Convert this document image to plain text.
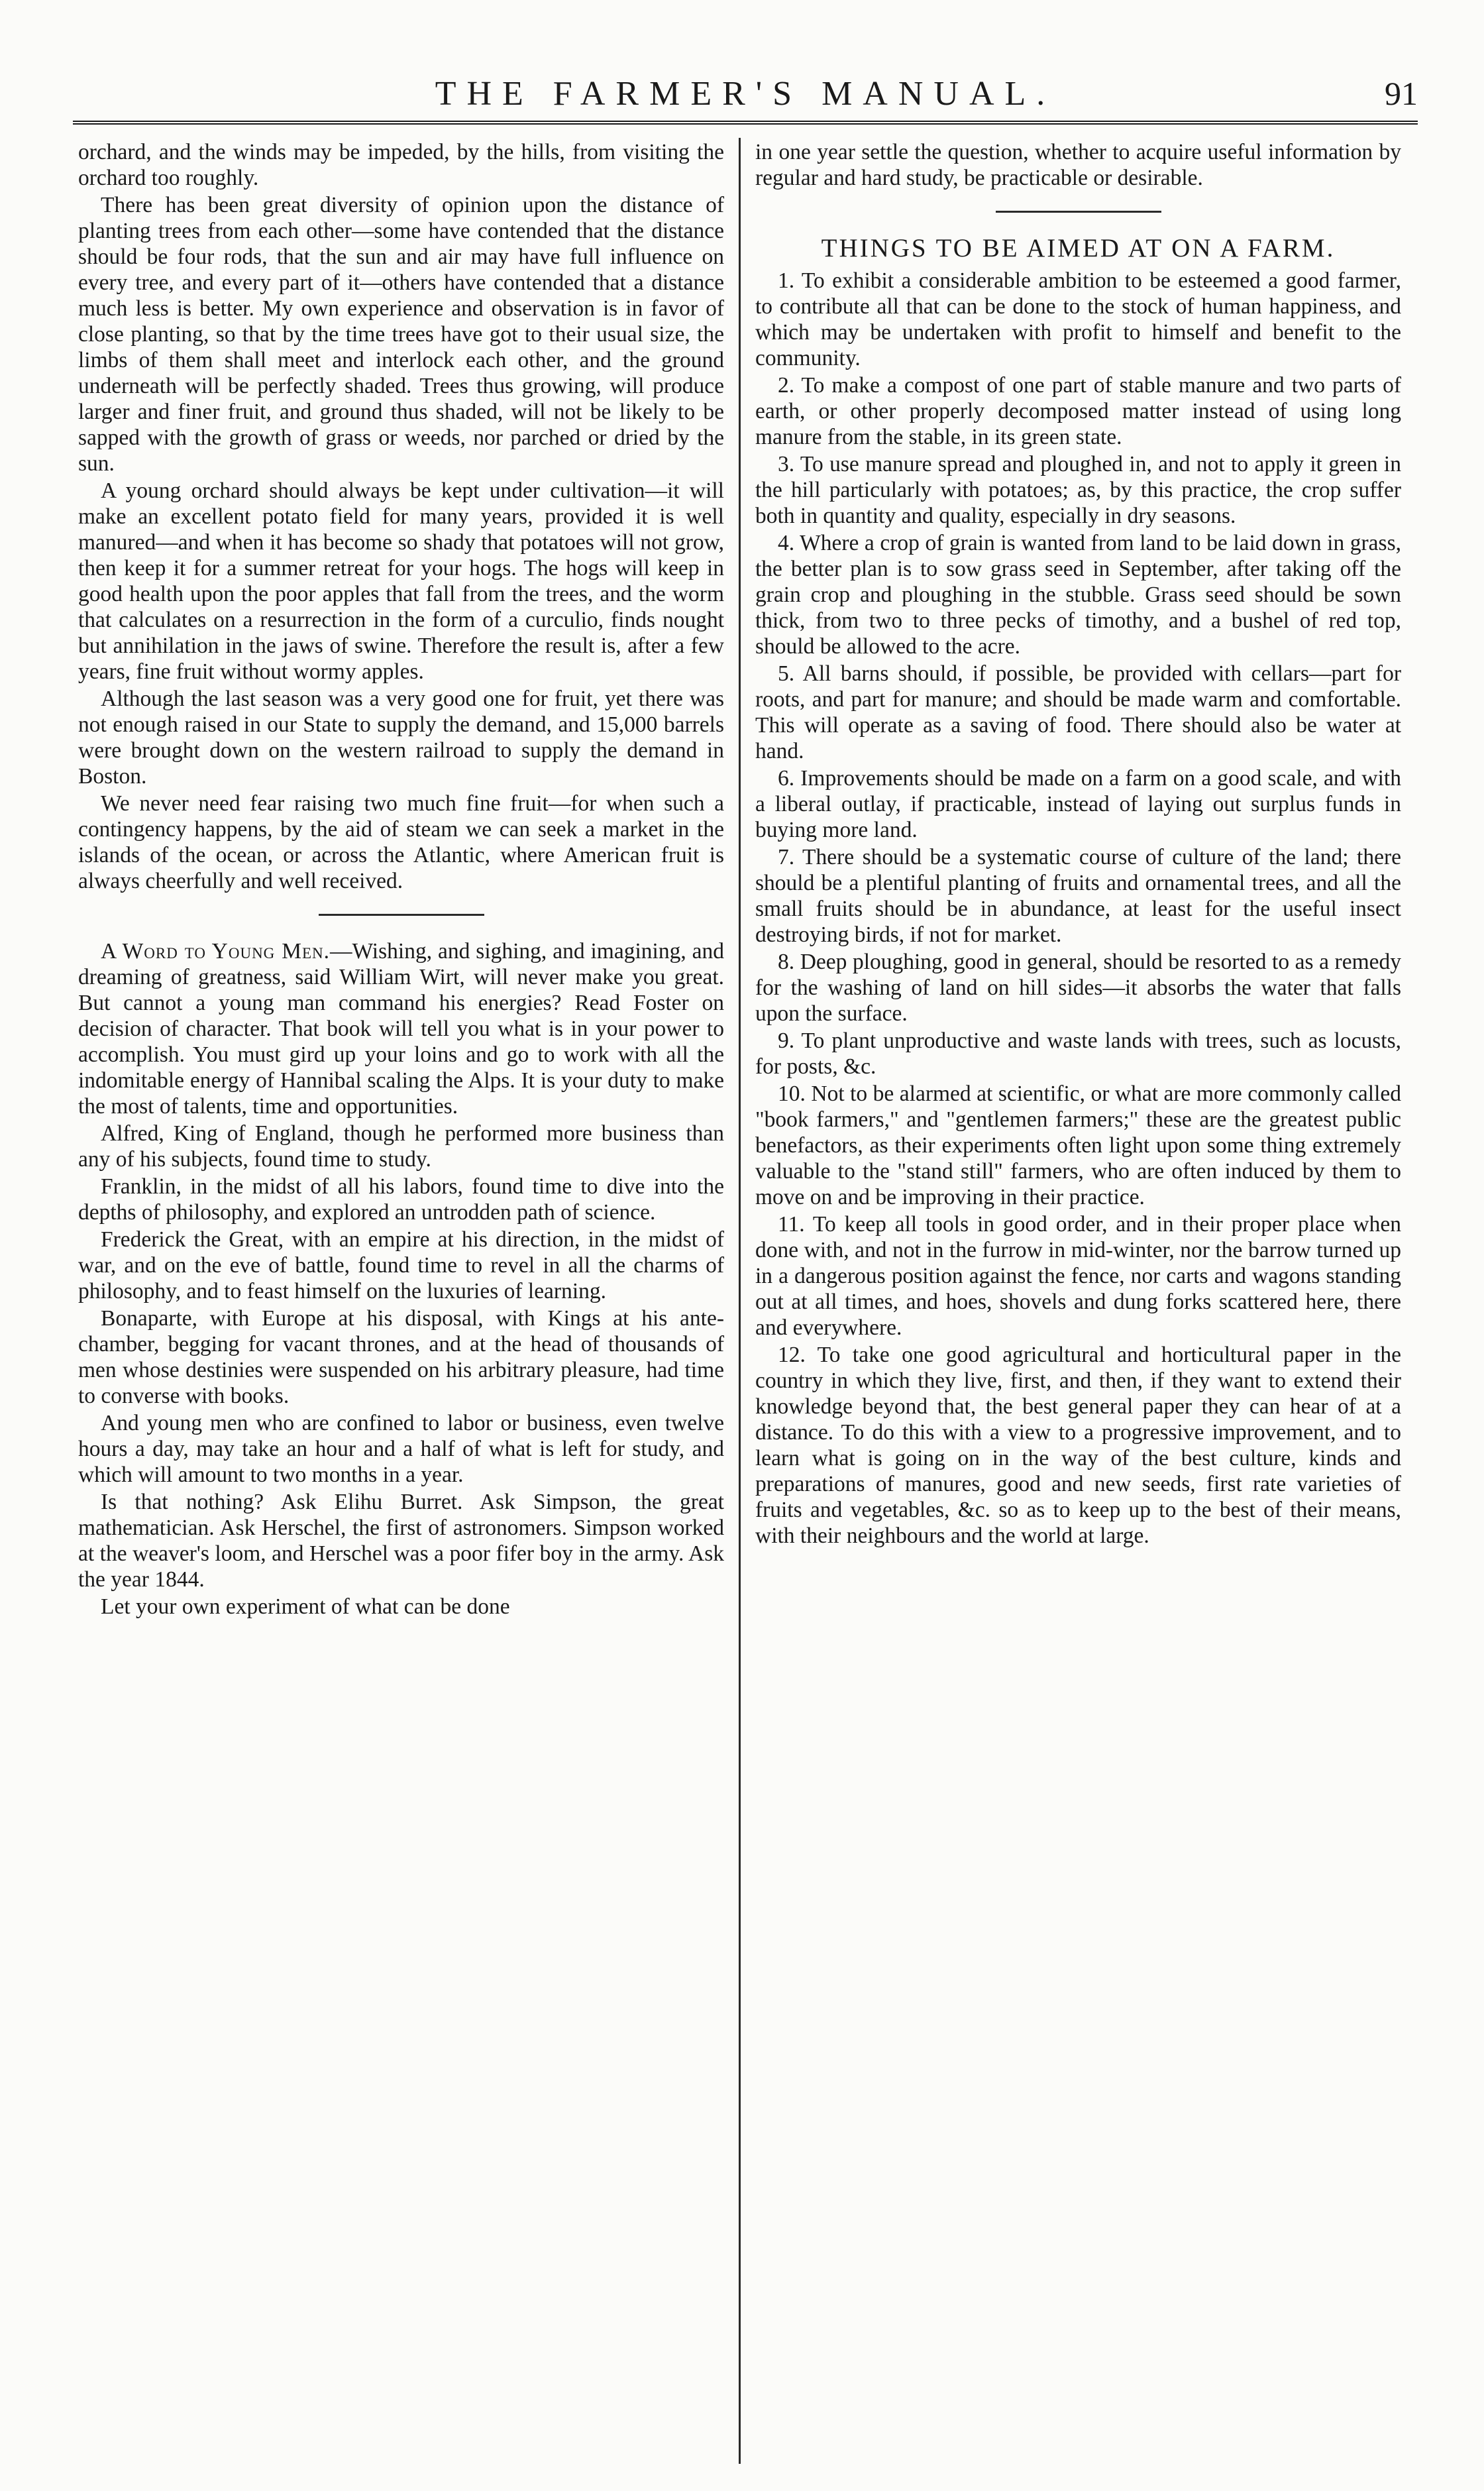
THE FARMER'S MANUAL.	91

orchard, and the winds may be impeded, by the hills, from visiting the orchard too roughly.

There has been great diversity of opinion upon the distance of planting trees from each other—some have contended that the distance should be four rods, that the sun and air may have full influence on every tree, and every part of it—others have contended that a distance much less is better. My own experience and observation is in favor of close planting, so that by the time trees have got to their usual size, the limbs of them shall meet and interlock each other, and the ground underneath will be perfectly shaded. Trees thus growing, will produce larger and finer fruit, and ground thus shaded, will not be likely to be sapped with the growth of grass or weeds, nor parched or dried by the sun.

A young orchard should always be kept under cultivation—it will make an excellent potato field for many years, provided it is well manured—and when it has become so shady that potatoes will not grow, then keep it for a summer retreat for your hogs. The hogs will keep in good health upon the poor apples that fall from the trees, and the worm that calculates on a resurrection in the form of a curculio, finds nought but annihilation in the jaws of swine. Therefore the result is, after a few years, fine fruit without wormy apples.

Although the last season was a very good one for fruit, yet there was not enough raised in our State to supply the demand, and 15,000 barrels were brought down on the western railroad to supply the demand in Boston.

We never need fear raising two much fine fruit—for when such a contingency happens, by the aid of steam we can seek a market in the islands of the ocean, or across the Atlantic, where American fruit is always cheerfully and well received.

A Word to Young Men.—Wishing, and sighing, and imagining, and dreaming of greatness, said William Wirt, will never make you great. But cannot a young man command his energies? Read Foster on decision of character. That book will tell you what is in your power to accomplish. You must gird up your loins and go to work with all the indomitable energy of Hannibal scaling the Alps. It is your duty to make the most of talents, time and opportunities.

Alfred, King of England, though he performed more business than any of his subjects, found time to study.

Franklin, in the midst of all his labors, found time to dive into the depths of philosophy, and explored an untrodden path of science.

Frederick the Great, with an empire at his direction, in the midst of war, and on the eve of battle, found time to revel in all the charms of philosophy, and to feast himself on the luxuries of learning.

Bonaparte, with Europe at his disposal, with Kings at his ante-chamber, begging for vacant thrones, and at the head of thousands of men whose destinies were suspended on his arbitrary pleasure, had time to converse with books.

And young men who are confined to labor or business, even twelve hours a day, may take an hour and a half of what is left for study, and which will amount to two months in a year.

Is that nothing? Ask Elihu Burret. Ask Simpson, the great mathematician. Ask Herschel, the first of astronomers. Simpson worked at the weaver's loom, and Herschel was a poor fifer boy in the army. Ask the year 1844.

Let your own experiment of what can be done

in one year settle the question, whether to acquire useful information by regular and hard study, be practicable or desirable.

THINGS TO BE AIMED AT ON A FARM.

1. To exhibit a considerable ambition to be esteemed a good farmer, to contribute all that can be done to the stock of human happiness, and which may be undertaken with profit to himself and benefit to the community.

2. To make a compost of one part of stable manure and two parts of earth, or other properly decomposed matter instead of using long manure from the stable, in its green state.

3. To use manure spread and ploughed in, and not to apply it green in the hill particularly with potatoes; as, by this practice, the crop suffer both in quantity and quality, especially in dry seasons.

4. Where a crop of grain is wanted from land to be laid down in grass, the better plan is to sow grass seed in September, after taking off the grain crop and ploughing in the stubble. Grass seed should be sown thick, from two to three pecks of timothy, and a bushel of red top, should be allowed to the acre.

5. All barns should, if possible, be provided with cellars—part for roots, and part for manure; and should be made warm and comfortable. This will operate as a saving of food. There should also be water at hand.

6. Improvements should be made on a farm on a good scale, and with a liberal outlay, if practicable, instead of laying out surplus funds in buying more land.

7. There should be a systematic course of culture of the land; there should be a plentiful planting of fruits and ornamental trees, and all the small fruits should be in abundance, at least for the useful insect destroying birds, if not for market.

8. Deep ploughing, good in general, should be resorted to as a remedy for the washing of land on hill sides—it absorbs the water that falls upon the surface.

9. To plant unproductive and waste lands with trees, such as locusts, for posts, &c.

10. Not to be alarmed at scientific, or what are more commonly called "book farmers," and "gentlemen farmers;" these are the greatest public benefactors, as their experiments often light upon some thing extremely valuable to the "stand still" farmers, who are often induced by them to move on and be improving in their practice.

11. To keep all tools in good order, and in their proper place when done with, and not in the furrow in mid-winter, nor the barrow turned up in a dangerous position against the fence, nor carts and wagons standing out at all times, and hoes, shovels and dung forks scattered here, there and everywhere.

12. To take one good agricultural and horticultural paper in the country in which they live, first, and then, if they want to extend their knowledge beyond that, the best general paper they can hear of at a distance. To do this with a view to a progressive improvement, and to learn what is going on in the way of the best culture, kinds and preparations of manures, good and new seeds, first rate varieties of fruits and vegetables, &c. so as to keep up to the best of their means, with their neighbours and the world at large.
